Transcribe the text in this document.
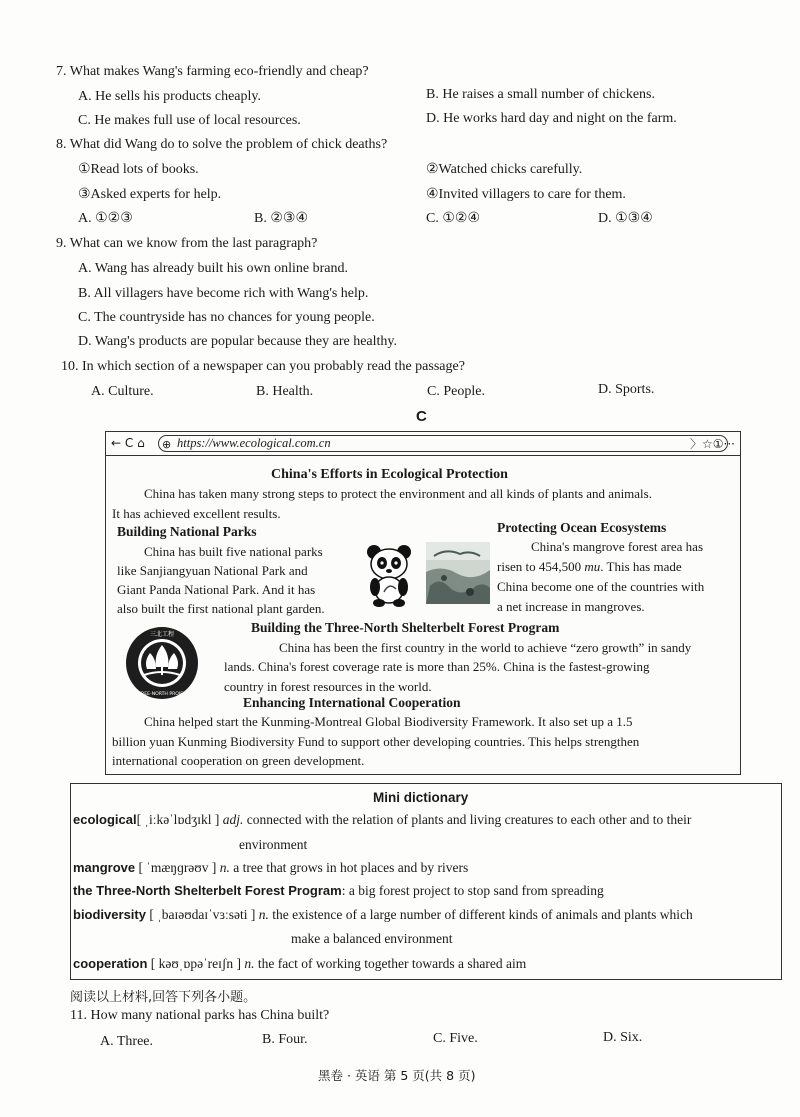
7. What makes Wang's farming eco-friendly and cheap?
A. He sells his products cheaply.	B. He raises a small number of chickens.
C. He makes full use of local resources.	D. He works hard day and night on the farm.
8. What did Wang do to solve the problem of chick deaths?
①Read lots of books.	②Watched chicks carefully.
③Asked experts for help.	④Invited villagers to care for them.
A. ①②③	B. ②③④	C. ①②④	D. ①③④
9. What can we know from the last paragraph?
A. Wang has already built his own online brand.
B. All villagers have become rich with Wang's help.
C. The countryside has no chances for young people.
D. Wang's products are popular because they are healthy.
10. In which section of a newspaper can you probably read the passage?
A. Culture.	B. Health.	C. People.	D. Sports.
C
← C ⌂ ⊕ https://www.ecological.com.cn	〉☆①···
China's Efforts in Ecological Protection
China has taken many strong steps to protect the environment and all kinds of plants and animals.
It has achieved excellent results.
Building National Parks
China has built five national parks
like Sanjiangyuan National Park and
Giant Panda National Park. And it has
also built the first national plant garden.
Protecting Ocean Ecosystems
China's mangrove forest area has
risen to 454,500 mu. This has made
China become one of the countries with
a net increase in mangroves.
三北工程
THREE-NORTH PROJECT
Building the Three-North Shelterbelt Forest Program
China has been the first country in the world to achieve “zero growth” in sandy
lands. China's forest coverage rate is more than 25%. China is the fastest-growing
country in forest resources in the world.
Enhancing International Cooperation
China helped start the Kunming-Montreal Global Biodiversity Framework. It also set up a 1.5
billion yuan Kunming Biodiversity Fund to support other developing countries. This helps strengthen
international cooperation on green development.
Mini dictionary
ecological[ ˌiːkəˈlɒdʒɪkl ] adj. connected with the relation of plants and living creatures to each other and to their
environment
mangrove [ ˈmæŋɡrəʊv ] n. a tree that grows in hot places and by rivers
the Three-North Shelterbelt Forest Program: a big forest project to stop sand from spreading
biodiversity [ ˌbaɪəʊdaɪˈvɜːsəti ] n. the existence of a large number of different kinds of animals and plants which
make a balanced environment
cooperation [ kəʊˌɒpəˈreɪʃn ] n. the fact of working together towards a shared aim
阅读以上材料,回答下列各小题。
11. How many national parks has China built?
A. Three.	B. Four.	C. Five.	D. Six.
黑卷 · 英语 第 5 页(共 8 页)
